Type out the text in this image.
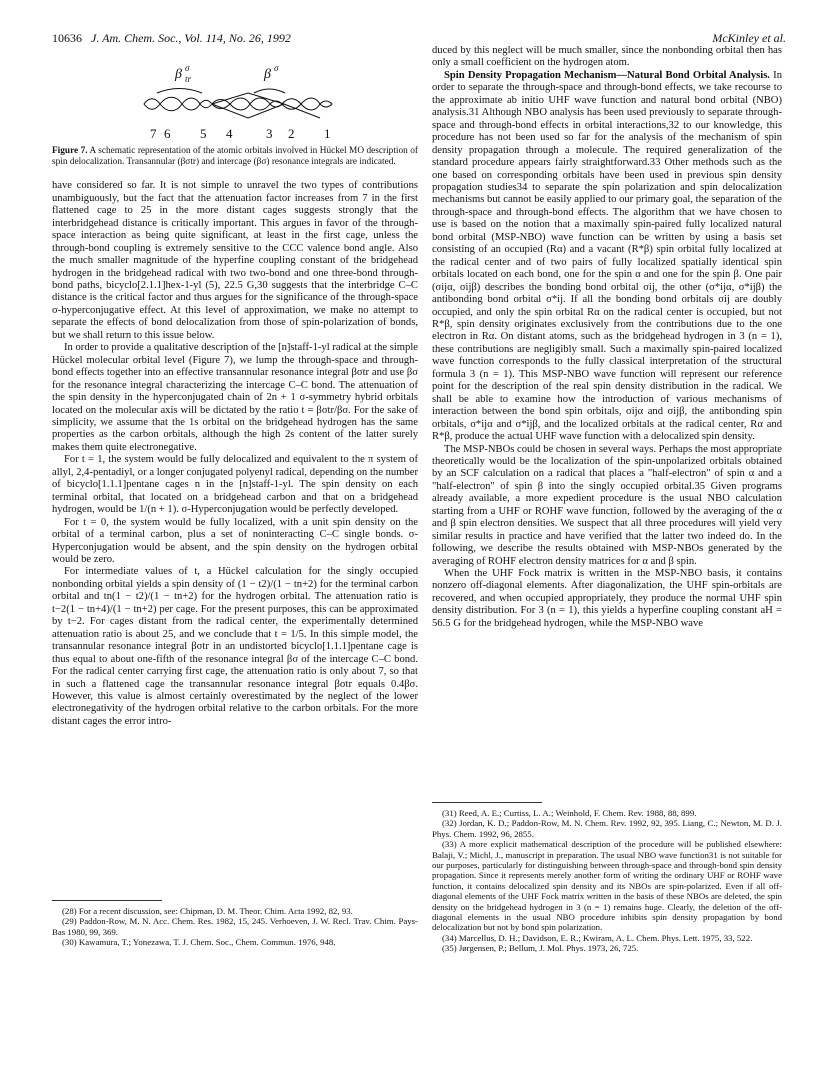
10636 J. Am. Chem. Soc., Vol. 114, No. 26, 1992	McKinley et al.
β σ
tr	β σ
7 6 5 4	3 2 1
Figure 7. A schematic representation of the atomic orbitals involved in Hückel MO description of spin delocalization. Transannular (βσtr) and intercage (βσ) resonance integrals are indicated.

have considered so far. It is not simple to unravel the two types of contributions unambiguously, but the fact that the attenuation factor increases from 7 in the first flattened cage to 25 in the more distant cages suggests strongly that the interbridgehead distance is critically important. This argues in favor of the through-space interaction as being quite significant, at least in the first cage, unless the through-bond coupling is extremely sensitive to the CCC valence bond angle. Also the much smaller magnitude of the hyperfine coupling constant of the bridgehead hydrogen in the bridgehead radical with two two-bond and one three-bond through-bond paths, bicyclo[2.1.1]hex-1-yl (5), 22.5 G,30 suggests that the interbridge C–C distance is the critical factor and thus argues for the significance of the through-space σ-hyperconjugative effect. At this level of approximation, we make no attempt to separate the effects of bond delocalization from those of spin-polarization of bonds, but we shall return to this issue below.

In order to provide a qualitative description of the [n]staff-1-yl radical at the simple Hückel molecular orbital level (Figure 7), we lump the through-space and through-bond effects together into an effective transannular resonance integral βσtr and use βσ for the resonance integral characterizing the intercage C–C bond. The attenuation of the spin density in the hyperconjugated chain of 2n + 1 σ-symmetry hybrid orbitals located on the molecular axis will be dictated by the ratio t = βσtr/βσ. For the sake of simplicity, we assume that the 1s orbital on the bridgehead hydrogen has the same properties as the carbon orbitals, although the high 2s content of the latter surely makes them quite electronegative.

For t = 1, the system would be fully delocalized and equivalent to the π system of allyl, 2,4-pentadiyl, or a longer conjugated polyenyl radical, depending on the number of bicyclo[1.1.1]pentane cages n in the [n]staff-1-yl. The spin density on each terminal orbital, that located on a bridgehead carbon and that on a bridgehead hydrogen, would be 1/(n + 1). σ-Hyperconjugation would be perfectly developed.

For t = 0, the system would be fully localized, with a unit spin density on the orbital of a terminal carbon, plus a set of noninteracting C–C single bonds. σ-Hyperconjugation would be absent, and the spin density on the hydrogen orbital would be zero.

For intermediate values of t, a Hückel calculation for the singly occupied nonbonding orbital yields a spin density of (1 − t2)/(1 − tn+2) for the terminal carbon orbital and tn(1 − t2)/(1 − tn+2) for the hydrogen orbital. The attenuation ratio is t−2(1 − tn+4)/(1 − tn+2) per cage. For the present purposes, this can be approximated by t−2. For cages distant from the radical center, the experimentally determined attenuation ratio is about 25, and we conclude that t = 1/5. In this simple model, the transannular resonance integral βσtr in an undistorted bicyclo[1.1.1]pentane cage is thus equal to about one-fifth of the resonance integral βσ of the intercage C–C bond. For the radical center carrying first cage, the attenuation ratio is only about 7, so that in such a flattened cage the transannular resonance integral βσtr equals 0.4βσ. However, this value is almost certainly overestimated by the neglect of the lower electronegativity of the hydrogen orbital relative to the carbon orbitals. For the more distant cages the error intro-

(28) For a recent discussion, see: Chipman, D. M. Theor. Chim. Acta 1992, 82, 93.

(29) Paddon-Row, M. N. Acc. Chem. Res. 1982, 15, 245. Verhoeven, J. W. Recl. Trav. Chim. Pays-Bas 1980, 99, 369.

(30) Kawamura, T.; Yonezawa, T. J. Chem. Soc., Chem. Commun. 1976, 948.

duced by this neglect will be much smaller, since the nonbonding orbital then has only a small coefficient on the hydrogen atom.

Spin Density Propagation Mechanism—Natural Bond Orbital Analysis. In order to separate the through-space and through-bond effects, we take recourse to the approximate ab initio UHF wave function and natural bond orbital (NBO) analysis.31 Although NBO analysis has been used previously to separate through-space and through-bond effects in orbital interactions,32 to our knowledge, this procedure has not been used so far for the analysis of the mechanism of spin density propagation through a molecule. The required generalization of the standard procedure appears fairly straightforward.33 Other methods such as the one based on corresponding orbitals have been used in previous spin density propagation studies34 to separate the spin polarization and spin delocalization mechanisms but cannot be easily applied to our primary goal, the separation of the through-space and through-bond effects. The algorithm that we have chosen to use is based on the notion that a maximally spin-paired fully localized natural bond orbital (MSP-NBO) wave function can be written by using a basis set consisting of an occupied (Rα) and a vacant (R*β) spin orbital fully localized at the radical center and of two pairs of fully localized spatially identical spin orbitals located on each bond, one for the spin α and one for the spin β. One pair (σijα, σijβ) describes the bonding bond orbital σij, the other (σ*ijα, σ*ijβ) the antibonding bond orbital σ*ij. If all the bonding bond orbitals σij are doubly occupied, and only the spin orbital Rα on the radical center is occupied, but not R*β, spin density originates exclusively from the contributions due to the one electron in Rα. On distant atoms, such as the bridgehead hydrogen in 3 (n = 1), these contributions are negligibly small. Such a maximally spin-paired localized wave function corresponds to the fully classical interpretation of the structural formula 3 (n = 1). This MSP-NBO wave function will represent our reference point for the description of the real spin density distribution in the radical. We shall be able to examine how the introduction of various mechanisms of interaction between the bond spin orbitals, σijα and σijβ, the antibonding spin orbitals, σ*ijα and σ*ijβ, and the localized orbitals at the radical center, Rα and R*β, produce the actual UHF wave function with a delocalized spin density.

The MSP-NBOs could be chosen in several ways. Perhaps the most appropriate theoretically would be the localization of the spin-unpolarized orbitals obtained by an SCF calculation on a radical that places a "half-electron" of spin α and a "half-electron" of spin β into the singly occupied orbital.35 Given programs already available, a more expedient procedure is the usual NBO calculation starting from a UHF or ROHF wave function, followed by the averaging of the α and β spin electron densities. We suspect that all three procedures will yield very similar results in practice and have verified that the latter two indeed do. In the following, we describe the results obtained with MSP-NBOs generated by the averaging of ROHF electron density matrices for α and β spin.

When the UHF Fock matrix is written in the MSP-NBO basis, it contains nonzero off-diagonal elements. After diagonalization, the UHF spin-orbitals are recovered, and when occupied appropriately, they produce the normal UHF spin density distribution. For 3 (n = 1), this yields a hyperfine coupling constant aH = 56.5 G for the bridgehead hydrogen, while the MSP-NBO wave

(31) Reed, A. E.; Curtiss, L. A.; Weinhold, F. Chem. Rev. 1988, 88, 899.

(32) Jordan, K. D.; Paddon-Row, M. N. Chem. Rev. 1992, 92, 395. Liang, C.; Newton, M. D. J. Phys. Chem. 1992, 96, 2855.

(33) A more explicit mathematical description of the procedure will be published elsewhere: Balaji, V.; Michl, J., manuscript in preparation. The usual NBO wave function31 is not suitable for our purposes, particularly for distinguishing between through-space and through-bond spin density propagation. Since it represents merely another form of writing the ordinary UHF or ROHF wave function, it contains delocalized spin density and its NBOs are spin-polarized. Even if all off-diagonal elements of the UHF Fock matrix written in the basis of these NBOs are deleted, the spin density on the bridgehead hydrogen in 3 (n = 1) remains huge. Clearly, the deletion of the off-diagonal elements in the usual NBO procedure inhibits spin density propagation by bond delocalization but not by bond spin polarization.

(34) Marcellus, D. H.; Davidson, E. R.; Kwiram, A. L. Chem. Phys. Lett. 1975, 33, 522.

(35) Jørgensen, P.; Bellum, J. Mol. Phys. 1973, 26, 725.
